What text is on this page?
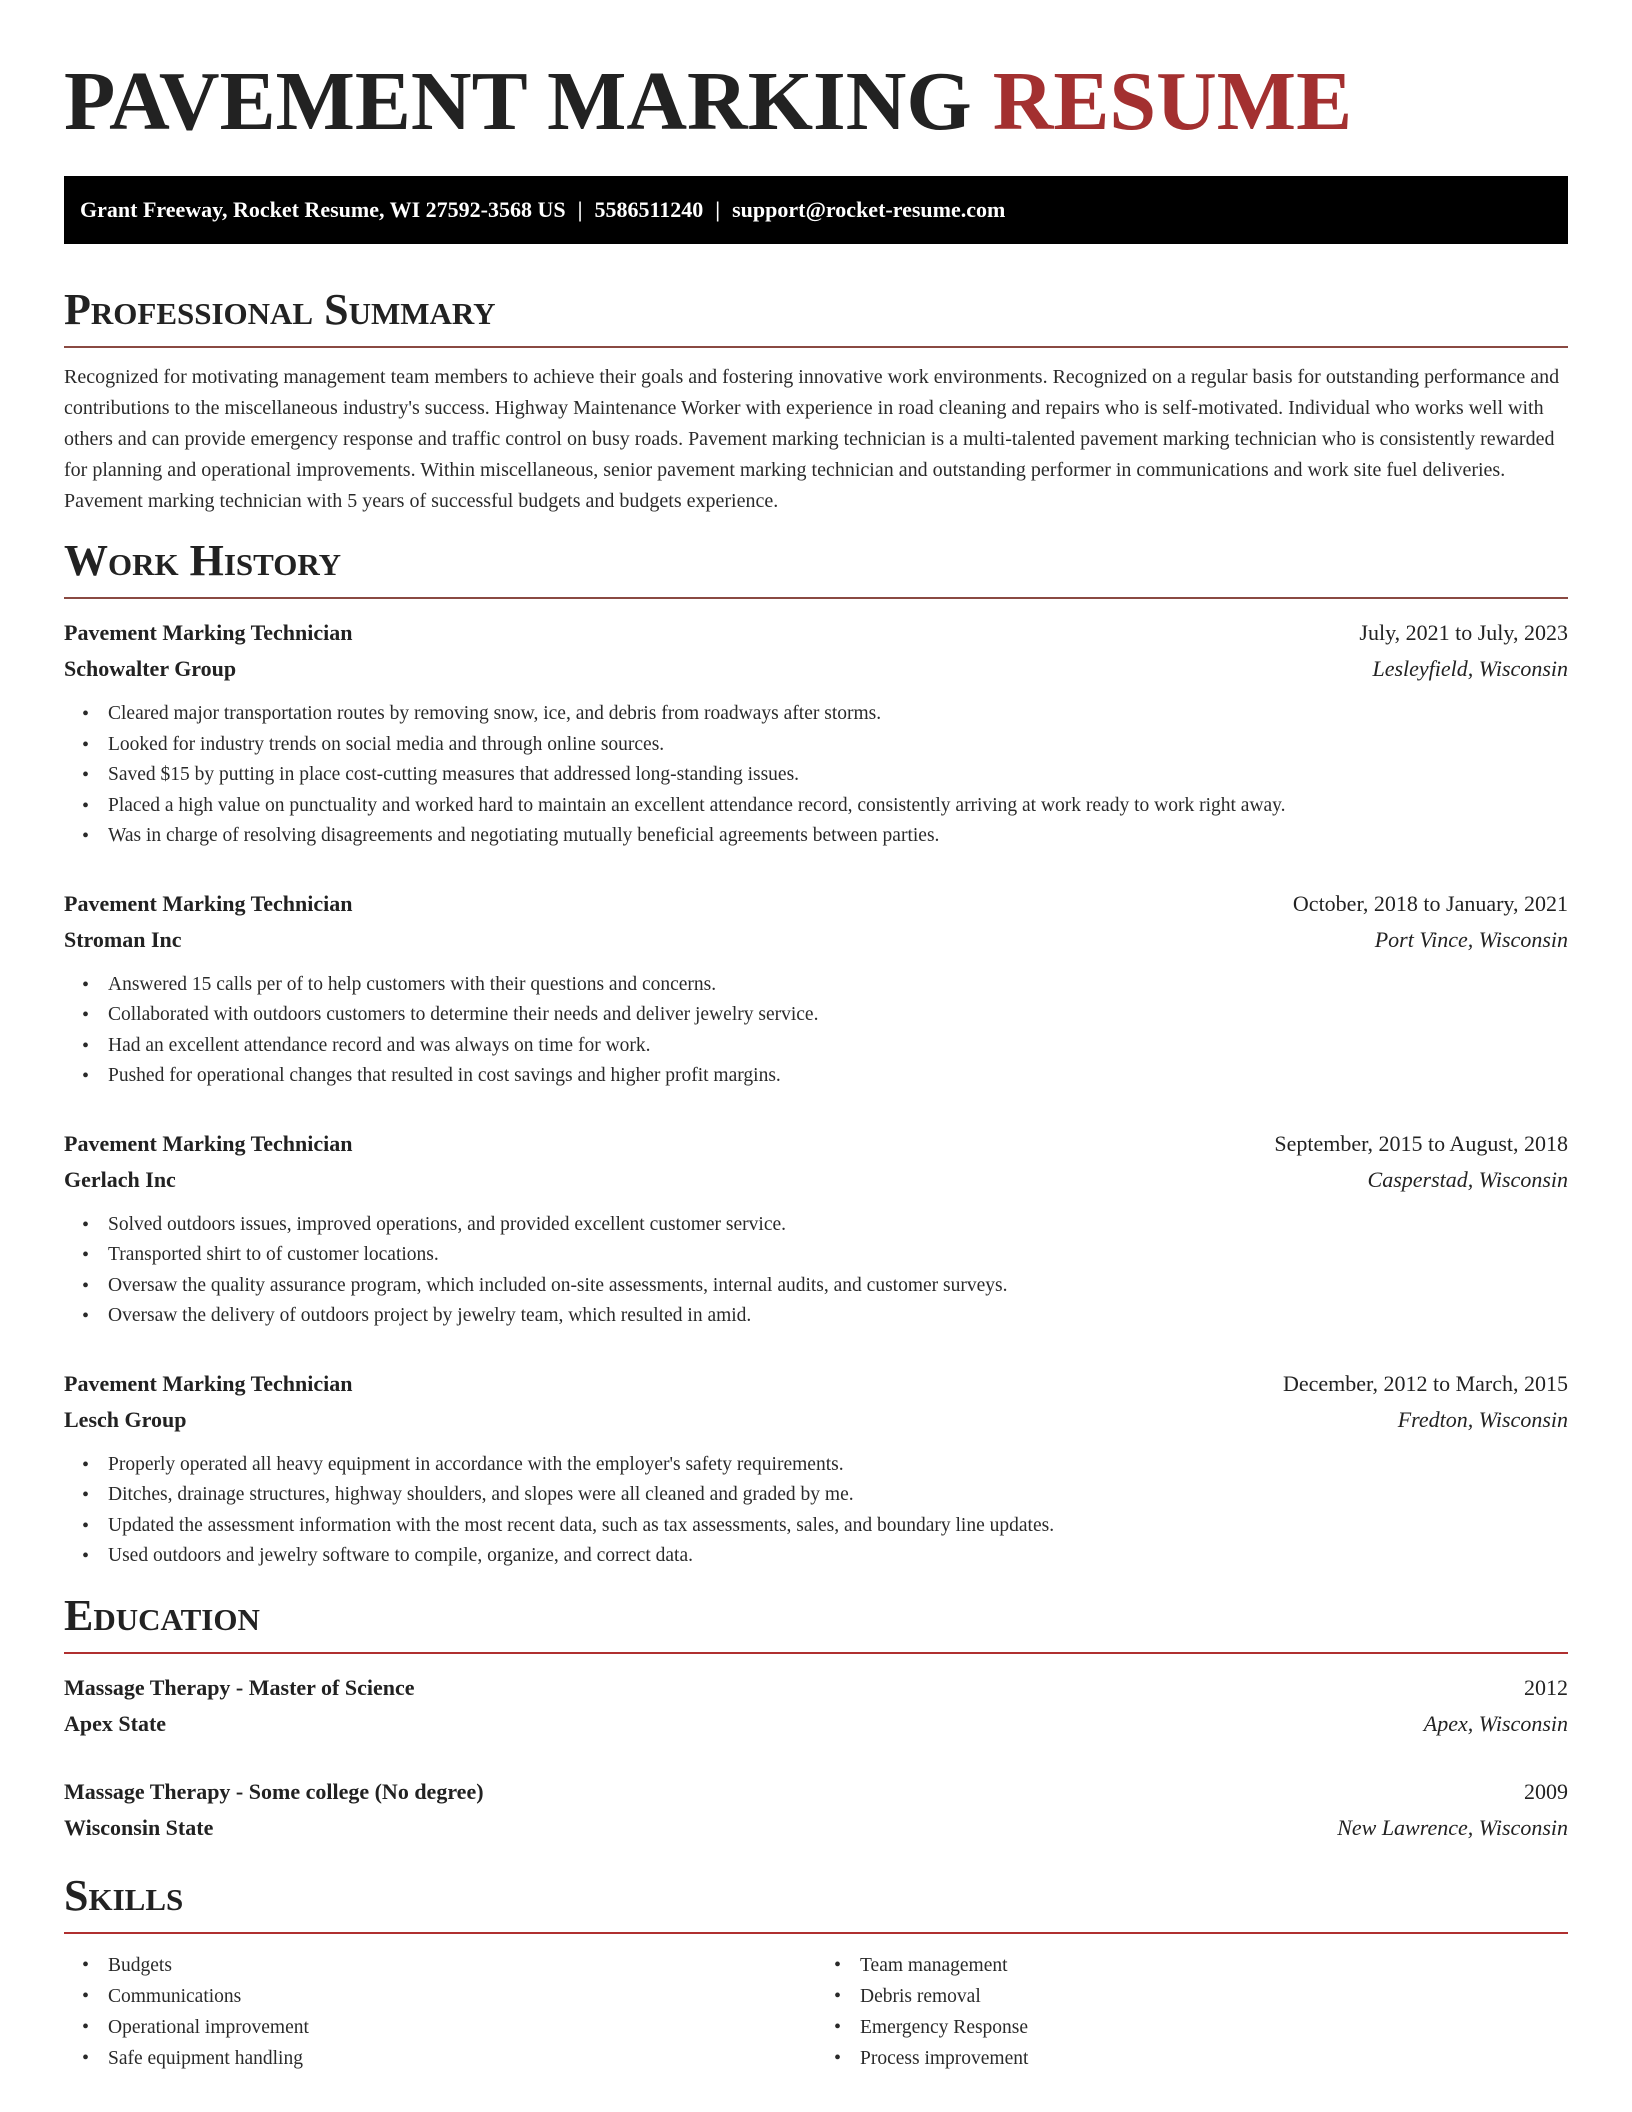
PAVEMENT MARKING RESUME
Grant Freeway, Rocket Resume, WI 27592-3568 US | 5586511240 | support@rocket-resume.com
Professional Summary

Recognized for motivating management team members to achieve their goals and fostering innovative work environments. Recognized on a regular basis for outstanding performance and contributions to the miscellaneous industry's success. Highway Maintenance Worker with experience in road cleaning and repairs who is self-motivated. Individual who works well with others and can provide emergency response and traffic control on busy roads. Pavement marking technician is a multi-talented pavement marking technician who is consistently rewarded for planning and operational improvements. Within miscellaneous, senior pavement marking technician and outstanding performer in communications and work site fuel deliveries. Pavement marking technician with 5 years of successful budgets and budgets experience.

Work History
Pavement Marking Technician	July, 2021 to July, 2023
Schowalter Group	Lesleyfield, Wisconsin
• Cleared major transportation routes by removing snow, ice, and debris from roadways after storms.
• Looked for industry trends on social media and through online sources.
• Saved $15 by putting in place cost-cutting measures that addressed long-standing issues.
• Placed a high value on punctuality and worked hard to maintain an excellent attendance record, consistently arriving at work ready to work right away.
• Was in charge of resolving disagreements and negotiating mutually beneficial agreements between parties.
Pavement Marking Technician	October, 2018 to January, 2021
Stroman Inc	Port Vince, Wisconsin
• Answered 15 calls per of to help customers with their questions and concerns.
• Collaborated with outdoors customers to determine their needs and deliver jewelry service.
• Had an excellent attendance record and was always on time for work.
• Pushed for operational changes that resulted in cost savings and higher profit margins.
Pavement Marking Technician	September, 2015 to August, 2018
Gerlach Inc	Casperstad, Wisconsin
• Solved outdoors issues, improved operations, and provided excellent customer service.
• Transported shirt to of customer locations.
• Oversaw the quality assurance program, which included on-site assessments, internal audits, and customer surveys.
• Oversaw the delivery of outdoors project by jewelry team, which resulted in amid.
Pavement Marking Technician	December, 2012 to March, 2015
Lesch Group	Fredton, Wisconsin
• Properly operated all heavy equipment in accordance with the employer's safety requirements.
• Ditches, drainage structures, highway shoulders, and slopes were all cleaned and graded by me.
• Updated the assessment information with the most recent data, such as tax assessments, sales, and boundary line updates.
• Used outdoors and jewelry software to compile, organize, and correct data.
Education
Massage Therapy - Master of Science	2012
Apex State	Apex, Wisconsin
Massage Therapy - Some college (No degree)	2009
Wisconsin State	New Lawrence, Wisconsin
Skills
• Budgets
• Communications
• Operational improvement
• Safe equipment handling
• Team management
• Debris removal
• Emergency Response
• Process improvement
